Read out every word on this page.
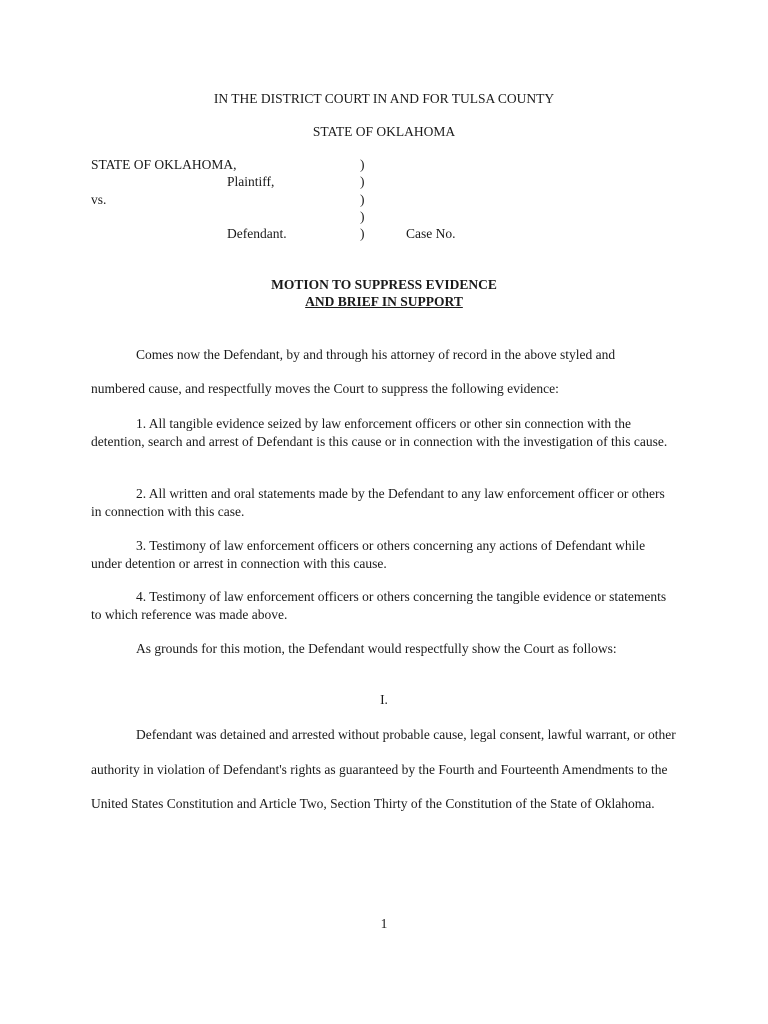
IN THE DISTRICT COURT IN AND FOR TULSA COUNTY
STATE OF OKLAHOMA
STATE OF OKLAHOMA,
Plaintiff,
vs.
Defendant.
)
)
)
)
)	Case No.
MOTION TO SUPPRESS EVIDENCE
AND BRIEF IN SUPPORT
Comes now the Defendant, by and through his attorney of record in the above styled and
numbered cause, and respectfully moves the Court to suppress the following evidence:
1. All tangible evidence seized by law enforcement officers or other sin connection with the detention, search and arrest of Defendant is this cause or in connection with the investigation of this cause.
2. All written and oral statements made by the Defendant to any law enforcement officer or others in connection with this case.
3. Testimony of law enforcement officers or others concerning any actions of Defendant while under detention or arrest in connection with this cause.
4. Testimony of law enforcement officers or others concerning the tangible evidence or statements to which reference was made above.
As grounds for this motion, the Defendant would respectfully show the Court as follows:
I.
Defendant was detained and arrested without probable cause, legal consent, lawful warrant, or other authority in violation of Defendant's rights as guaranteed by the Fourth and Fourteenth Amendments to the United States Constitution and Article Two, Section Thirty of the Constitution of the State of Oklahoma.
1
